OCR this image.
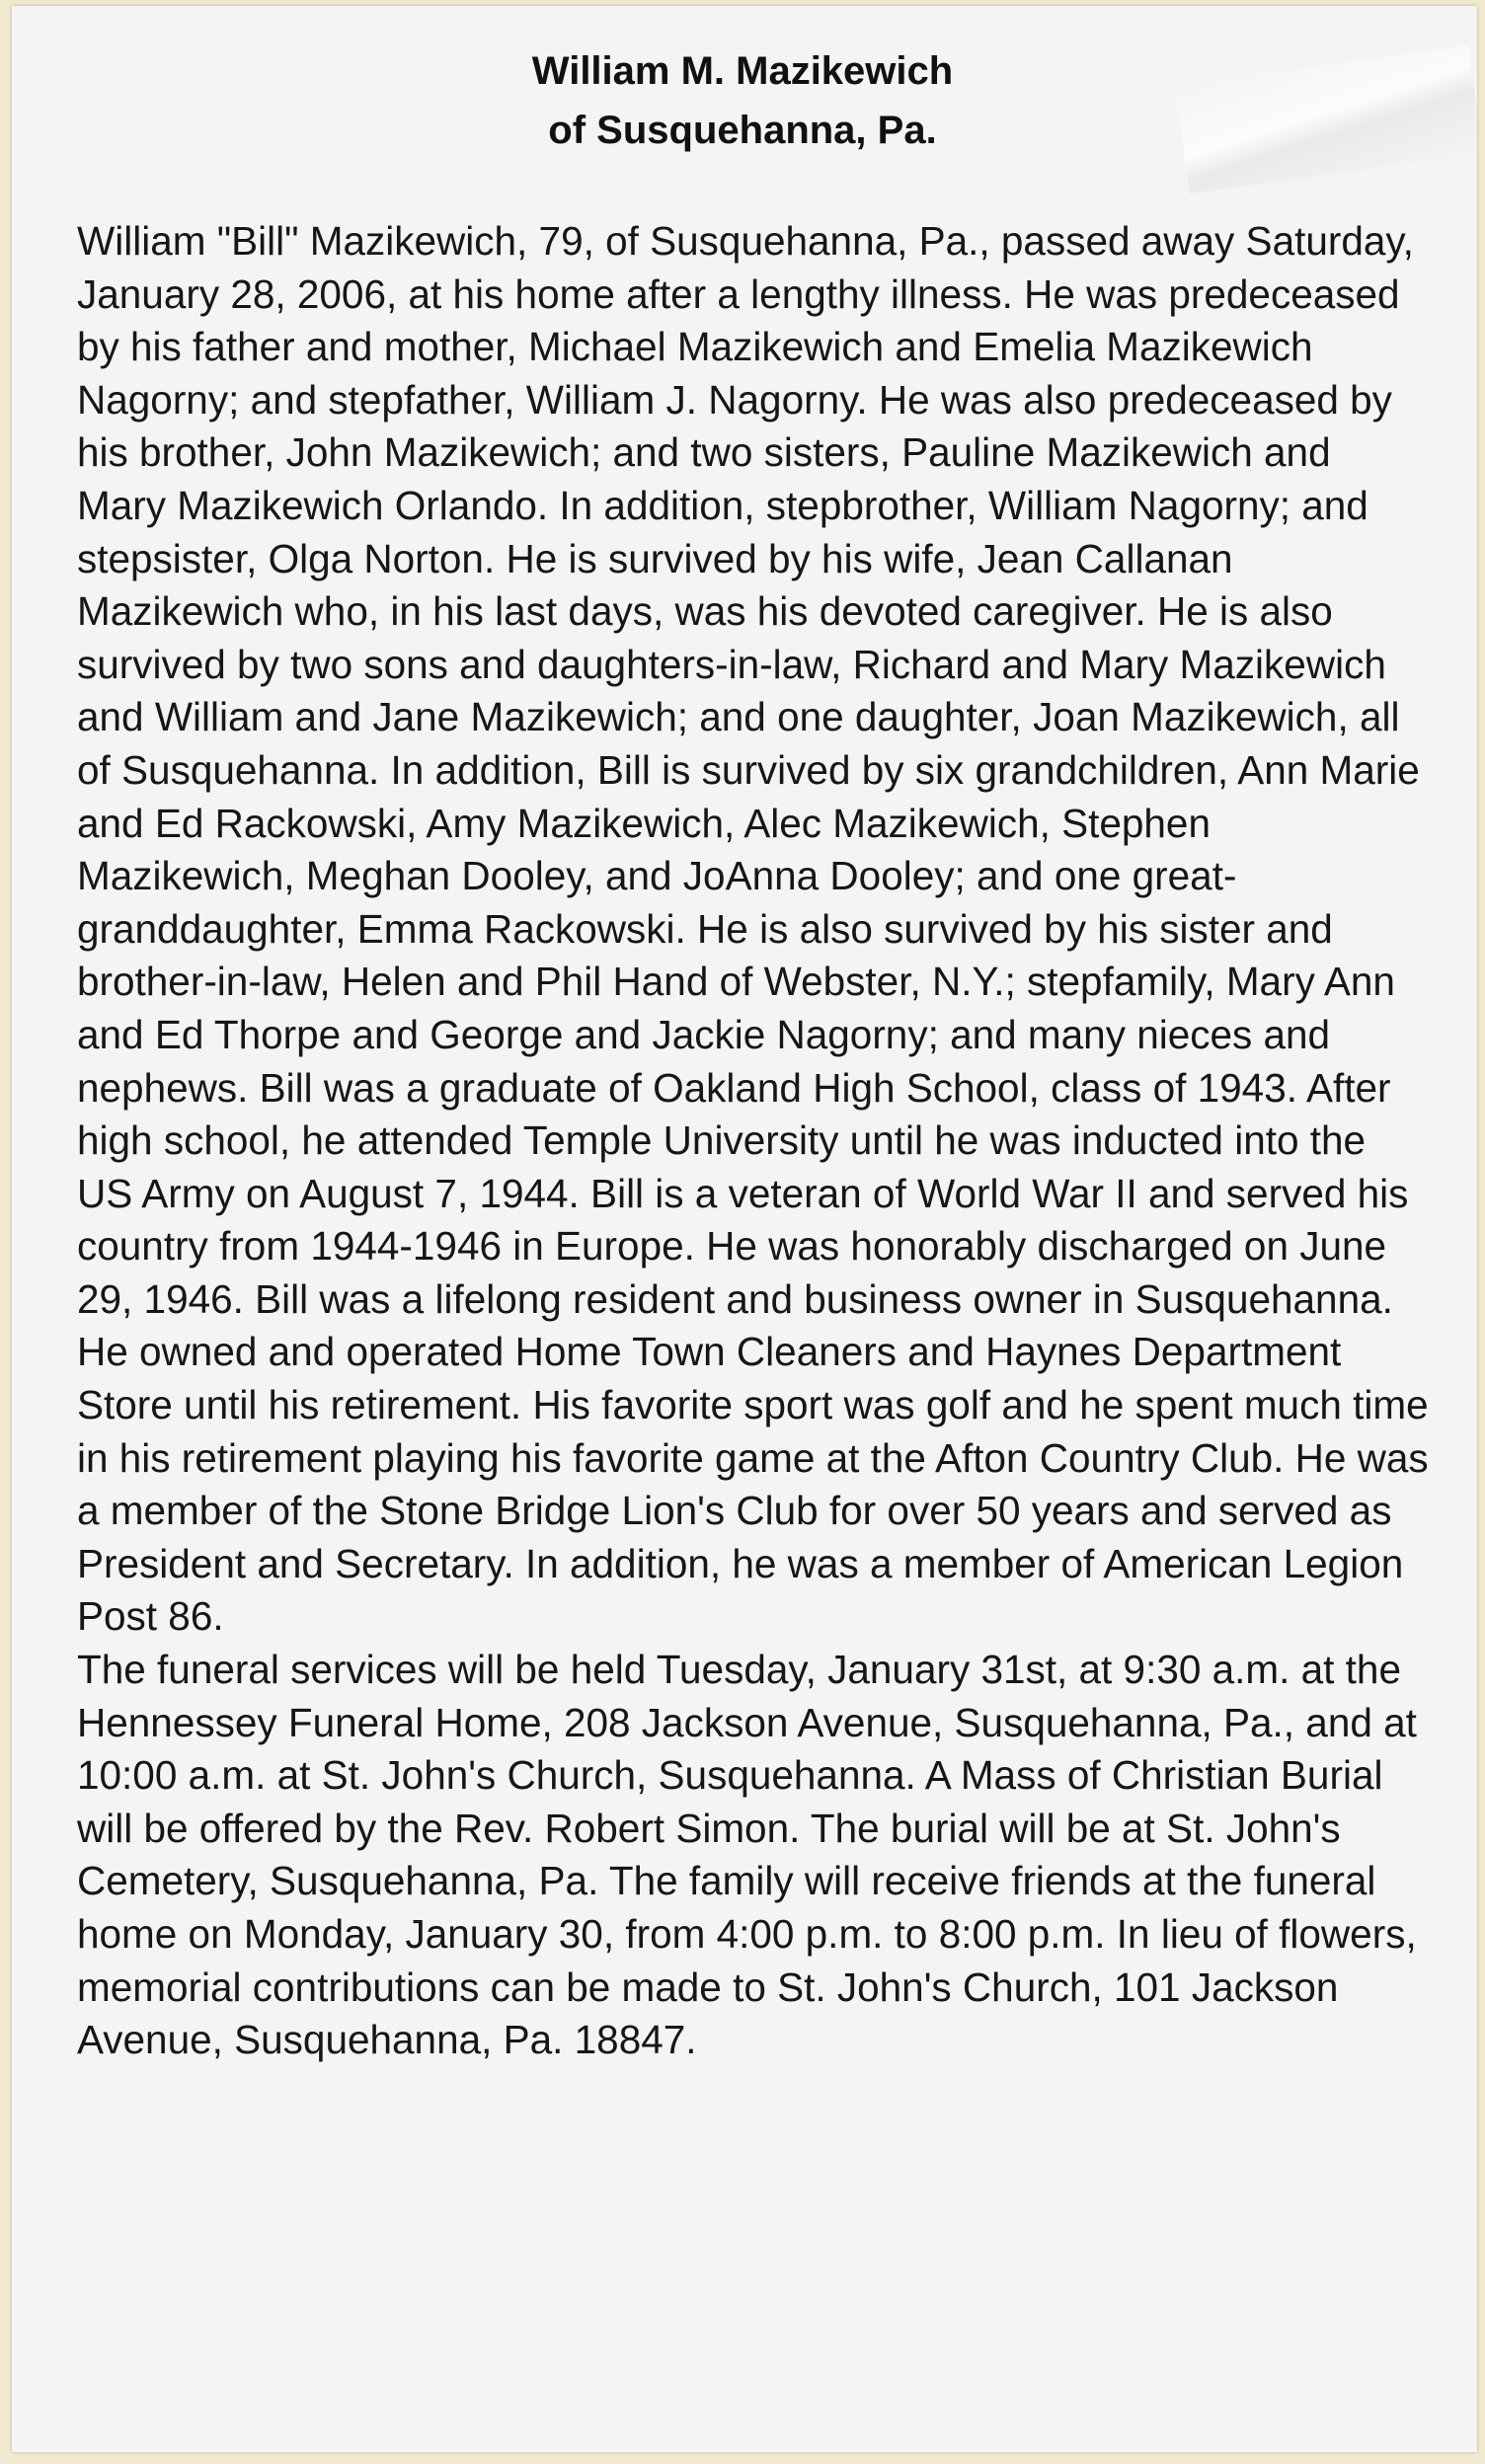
William M. Mazikewich
of Susquehanna, Pa.

William "Bill" Mazikewich, 79, of Susquehanna, Pa., passed away Saturday, January 28, 2006, at his home after a lengthy illness. He was predeceased by his father and mother, Michael Mazikewich and Emelia Mazikewich Nagorny; and stepfather, William J. Nagorny. He was also predeceased by his brother, John Mazikewich; and two sisters, Pauline Mazikewich and Mary Mazikewich Orlando. In addition, stepbrother, William Nagorny; and stepsister, Olga Norton. He is survived by his wife, Jean Callanan Mazikewich who, in his last days, was his devoted caregiver. He is also survived by two sons and daughters-in-law, Richard and Mary Mazikewich and William and Jane Mazikewich; and one daughter, Joan Mazikewich, all of Susquehanna. In addition, Bill is survived by six grandchildren, Ann Marie and Ed Rackowski, Amy Mazikewich, Alec Mazikewich, Stephen Mazikewich, Meghan Dooley, and JoAnna Dooley; and one great-granddaughter, Emma Rackowski. He is also survived by his sister and brother-in-law, Helen and Phil Hand of Webster, N.Y.; stepfamily, Mary Ann and Ed Thorpe and George and Jackie Nagorny; and many nieces and nephews. Bill was a graduate of Oakland High School, class of 1943. After high school, he attended Temple University until he was inducted into the US Army on August 7, 1944. Bill is a veteran of World War II and served his country from 1944-1946 in Europe. He was honorably discharged on June 29, 1946. Bill was a lifelong resident and business owner in Susquehanna. He owned and operated Home Town Cleaners and Haynes Department Store until his retirement. His favorite sport was golf and he spent much time in his retirement playing his favorite game at the Afton Country Club. He was a member of the Stone Bridge Lion's Club for over 50 years and served as President and Secretary. In addition, he was a member of American Legion Post 86.

The funeral services will be held Tuesday, January 31st, at 9:30 a.m. at the Hennessey Funeral Home, 208 Jackson Avenue, Susquehanna, Pa., and at 10:00 a.m. at St. John's Church, Susquehanna. A Mass of Christian Burial will be offered by the Rev. Robert Simon. The burial will be at St. John's Cemetery, Susquehanna, Pa. The family will receive friends at the funeral home on Monday, January 30, from 4:00 p.m. to 8:00 p.m. In lieu of flowers, memorial contributions can be made to St. John's Church, 101 Jackson Avenue, Susquehanna, Pa. 18847.
